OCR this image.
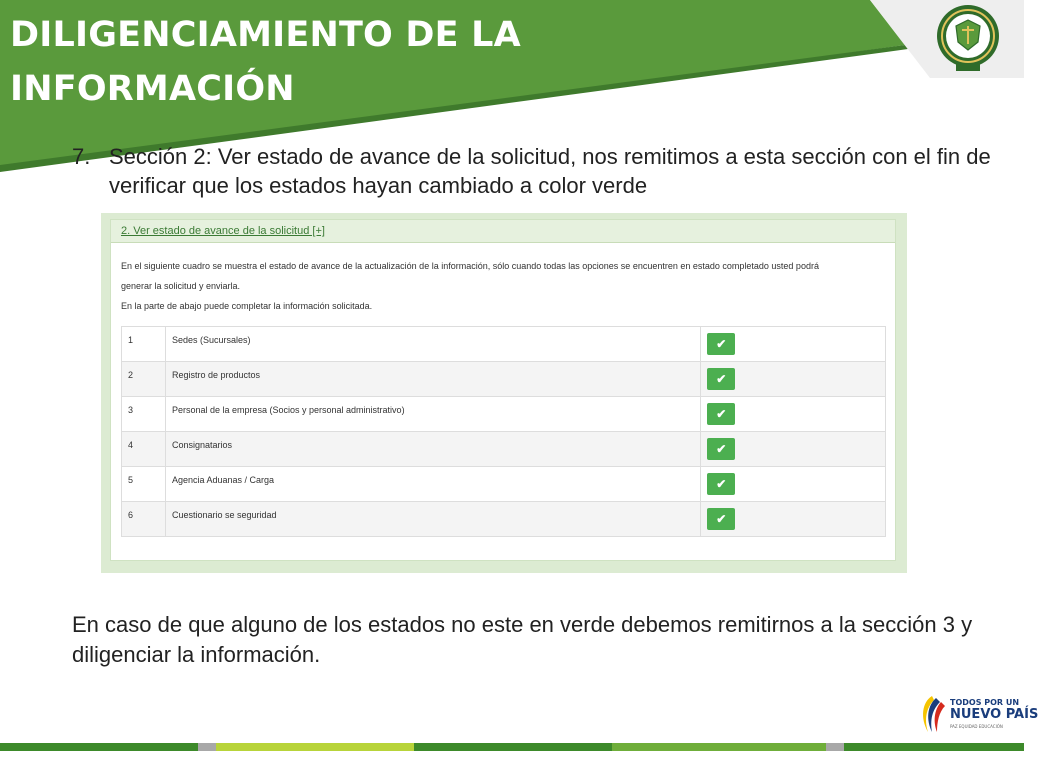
DILIGENCIAMIENTO DE LA
INFORMACIÓN
7. Sección 2: Ver estado de avance de la solicitud, nos remitimos a esta sección con el fin de verificar que los estados hayan cambiado a color verde
2. Ver estado de avance de la solicitud [+]

En el siguiente cuadro se muestra el estado de avance de la actualización de la información, sólo cuando todas las opciones se encuentren en estado completado usted podrá

generar la solicitud y enviarla.

En la parte de abajo puede completar la información solicitada.

1	Sedes (Sucursales)	✔
2	Registro de productos	✔
3	Personal de la empresa (Socios y personal administrativo)	✔
4	Consignatarios	✔
5	Agencia Aduanas / Carga	✔
6	Cuestionario se seguridad	✔
En caso de que alguno de los estados no este en verde debemos remitirnos a la sección 3 y diligenciar la información.
TODOS POR UN
NUEVO PAÍS
PAZ EQUIDAD EDUCACIÓN
